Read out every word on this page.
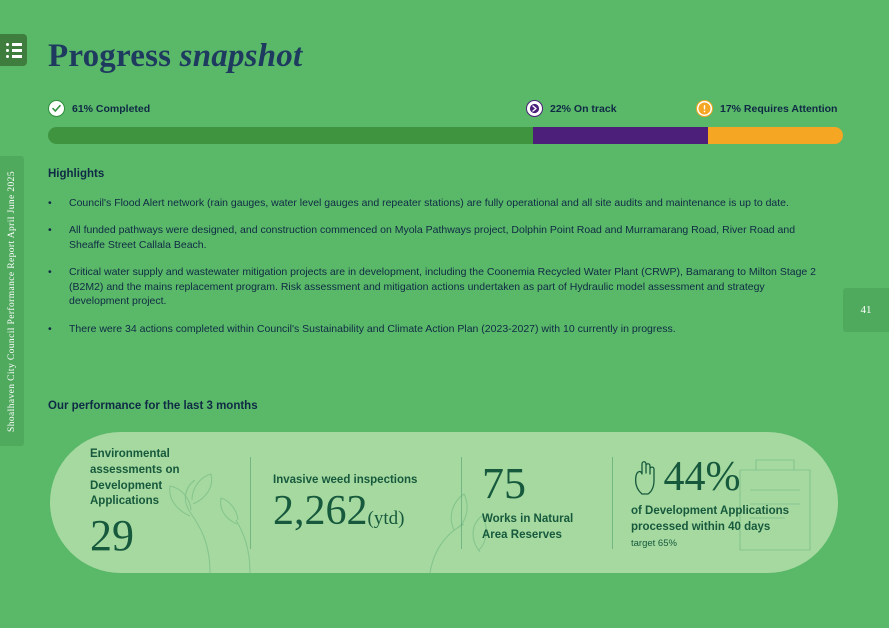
Shoalhaven City Council Performance Report April June 2025	41
Progress snapshot
61% Completed	22% On track	17% Requires Attention
Highlights
•	Council's Flood Alert network (rain gauges, water level gauges and repeater stations) are fully operational and all site audits and maintenance is up to date.
•	All funded pathways were designed, and construction commenced on Myola Pathways project, Dolphin Point Road and Murramarang Road, River Road and Sheaffe Street Callala Beach.
•	Critical water supply and wastewater mitigation projects are in development, including the Coonemia Recycled Water Plant (CRWP), Bamarang to Milton Stage 2 (B2M2) and the mains replacement program. Risk assessment and mitigation actions undertaken as part of Hydraulic model assessment and strategy development project.
•	There were 34 actions completed within Council's Sustainability and Climate Action Plan (2023-2027) with 10 currently in progress.
Our performance for the last 3 months
Environmental assessments on Development Applications
29
Invasive weed inspections
2,262(ytd)
75
Works in Natural Area Reserves
44%
of Development Applications processed within 40 days
target 65%
